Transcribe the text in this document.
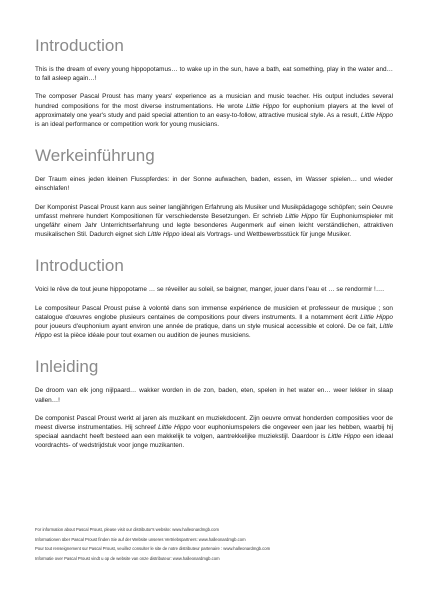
Introduction

This is the dream of every young hippopotamus… to wake up in the sun, have a bath, eat something, play in the water and… to fall asleep again…!

The composer Pascal Proust has many years' experience as a musician and music teacher. His output includes several hundred compositions for the most diverse instrumentations. He wrote Little Hippo for euphonium players at the level of approximately one year's study and paid special attention to an easy-to-follow, attractive musical style. As a result, Little Hippo is an ideal performance or competition work for young musicians.

Werkeinführung

Der Traum eines jeden kleinen Flusspferdes: in der Sonne aufwachen, baden, essen, im Wasser spielen… und wieder einschlafen!

Der Komponist Pascal Proust kann aus seiner langjährigen Erfahrung als Musiker und Musikpädagoge schöpfen; sein Oeuvre umfasst mehrere hundert Kompositionen für verschiedenste Besetzungen. Er schrieb Little Hippo für Euphoniumspieler mit ungefähr einem Jahr Unterrichtserfahrung und legte besonderes Augenmerk auf einen leicht verständlichen, attraktiven musikalischen Stil. Dadurch eignet sich Little Hippo ideal als Vortrags- und Wettbewerbsstück für junge Musiker.

Introduction

Voici le rêve de tout jeune hippopotame … se réveiller au soleil, se baigner, manger, jouer dans l'eau et … se rendormir !….

Le compositeur Pascal Proust puise à volonté dans son immense expérience de musicien et professeur de musique ; son catalogue d'œuvres englobe plusieurs centaines de compositions pour divers instruments. Il a notamment écrit Little Hippo pour joueurs d'euphonium ayant environ une année de pratique, dans un style musical accessible et coloré. De ce fait, Little Hippo est la pièce idéale pour tout examen ou audition de jeunes musiciens.

Inleiding

De droom van elk jong nijlpaard… wakker worden in de zon, baden, eten, spelen in het water en… weer lekker in slaap vallen…!

De componist Pascal Proust werkt al jaren als muzikant en muziekdocent. Zijn oeuvre omvat honderden composities voor de meest diverse instrumentaties. Hij schreef Little Hippo voor euphoniumspelers die ongeveer een jaar les hebben, waarbij hij speciaal aandacht heeft besteed aan een makkelijk te volgen, aantrekkelijke muziekstijl. Daardoor is Little Hippo een ideaal voordrachts- of wedstrijdstuk voor jonge muzikanten.

For information about Pascal Proust, please visit our distributor's website: www.halleonardmgb.com
Informationen über Pascal Proust finden Sie auf der Website unseres Vertriebspartners: www.halleonardmgb.com
Pour tout renseignement sur Pascal Proust, veuillez consulter le site de notre distributeur partenaire : www.halleonardmgb.com
Informatie over Pascal Proust vindt u op de website van onze distributeur: www.halleonardmgb.com
